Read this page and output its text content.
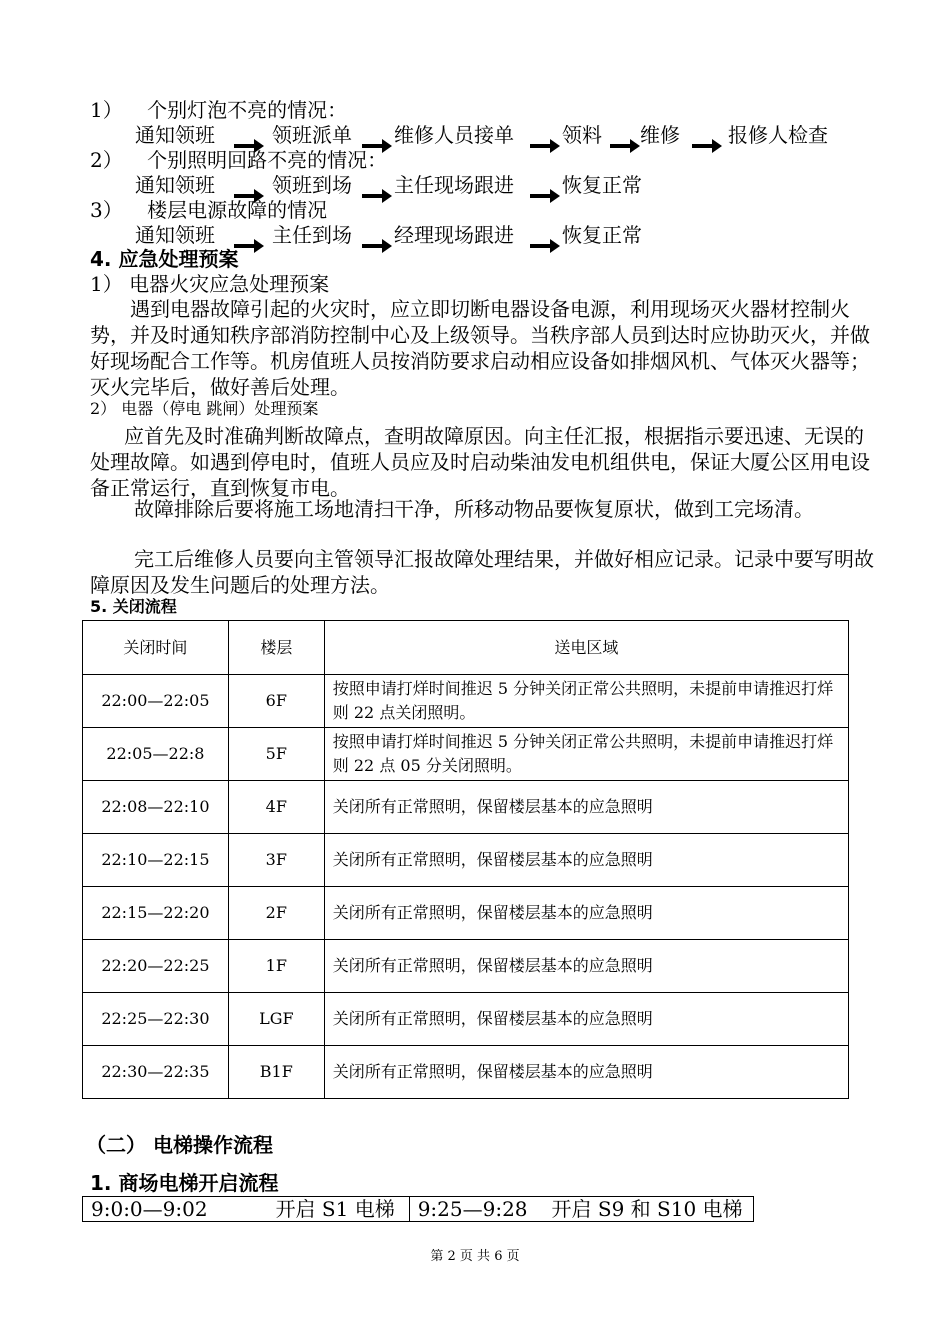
1） 个别灯泡不亮的情况：
通知领班	领班派单 维修人员接单 领料 维修 报修人检查
2） 个别照明回路不亮的情况：
通知领班	领班到场 主任现场跟进 恢复正常
3） 楼层电源故障的情况
通知领班	主任到场 经理现场跟进 恢复正常
4. 应急处理预案
1） 电器火灾应急处理预案
遇到电器故障引起的火灾时，应立即切断电器设备电源，利用现场灭火器材控制火势，并及时通知秩序部消防控制中心及上级领导。当秩序部人员到达时应协助灭火，并做好现场配合工作等。机房值班人员按消防要求启动相应设备如排烟风机、气体灭火器等；灭火完毕后，做好善后处理。
2） 电器（停电 跳闸）处理预案
应首先及时准确判断故障点，查明故障原因。向主任汇报，根据指示要迅速、无误的处理故障。如遇到停电时，值班人员应及时启动柴油发电机组供电，保证大厦公区用电设备正常运行，直到恢复市电。
故障排除后要将施工场地清扫干净，所移动物品要恢复原状，做到工完场清。
完工后维修人员要向主管领导汇报故障处理结果，并做好相应记录。记录中要写明故障原因及发生问题后的处理方法。
5. 关闭流程
关闭时间	楼层	送电区域
22:00—22:05	6F	按照申请打烊时间推迟 5 分钟关闭正常公共照明，未提前申请推迟打烊则 22 点关闭照明。
22:05—22:8	5F	按照申请打烊时间推迟 5 分钟关闭正常公共照明，未提前申请推迟打烊则 22 点 05 分关闭照明。
22:08—22:10	4F	关闭所有正常照明，保留楼层基本的应急照明
22:10—22:15	3F	关闭所有正常照明，保留楼层基本的应急照明
22:15—22:20	2F	关闭所有正常照明，保留楼层基本的应急照明
22:20—22:25	1F	关闭所有正常照明，保留楼层基本的应急照明
22:25—22:30	LGF	关闭所有正常照明，保留楼层基本的应急照明
22:30—22:35	B1F	关闭所有正常照明，保留楼层基本的应急照明
（二） 电梯操作流程
1. 商场电梯开启流程
9:0:0—9:02	开启 S1 电梯	9:25—9:28	开启 S9 和 S10 电梯
第 2 页 共 6 页
